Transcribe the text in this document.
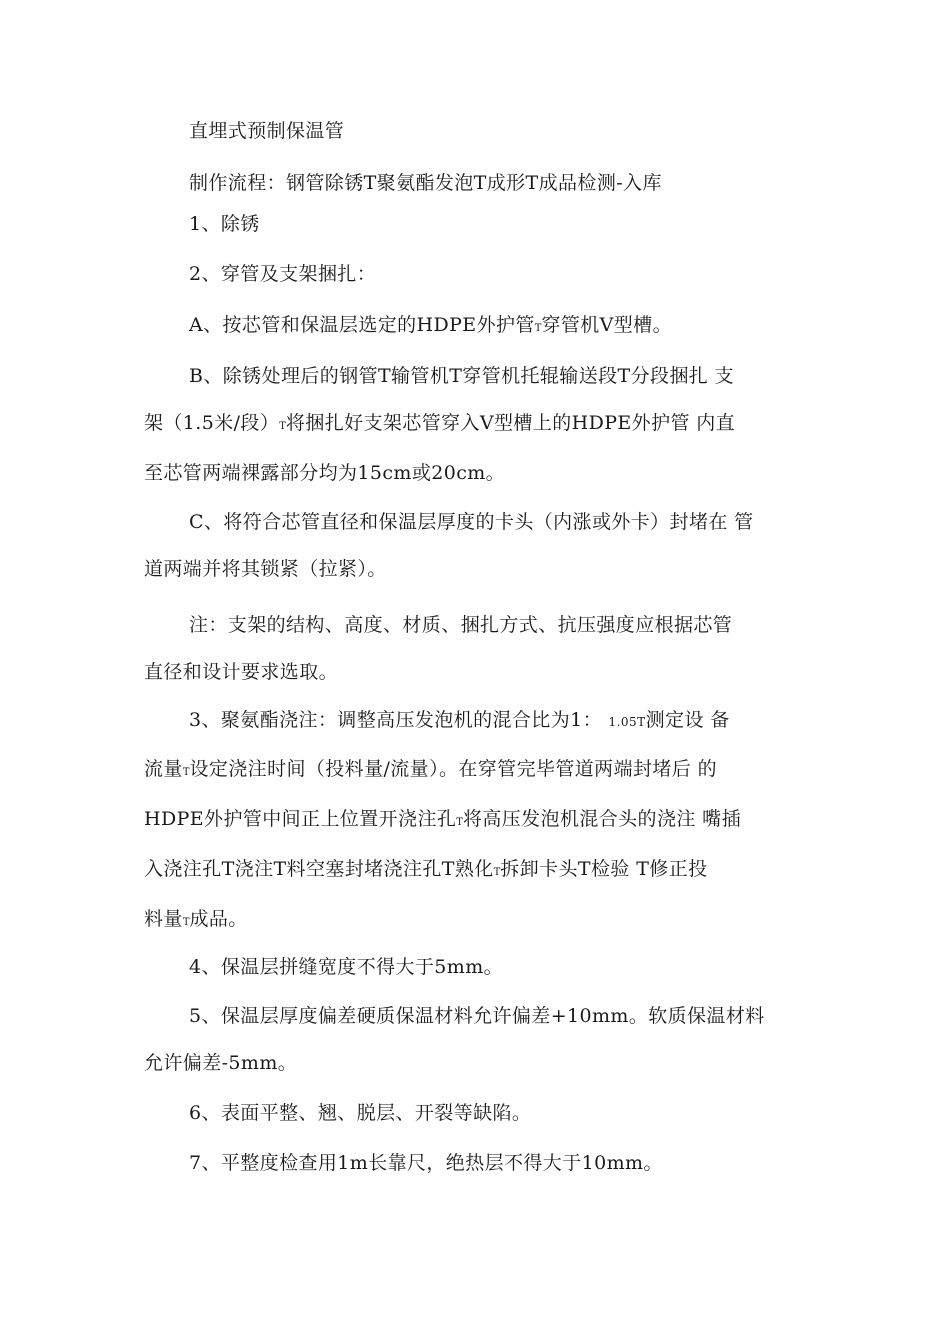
直埋式预制保温管

制作流程：钢管除锈T聚氨酯发泡T成形T成品检测-入库

1、除锈

2、穿管及支架捆扎：

A、按芯管和保温层选定的HDPE外护管T穿管机V型槽。

B、除锈处理后的钢管T输管机T穿管机托辊输送段T分段捆扎 支
架（1.5米/段）T将捆扎好支架芯管穿入V型槽上的HDPE外护管 内直
至芯管两端裸露部分均为15cm或20cm。

C、将符合芯管直径和保温层厚度的卡头（内涨或外卡）封堵在 管
道两端并将其锁紧（拉紧）。

注：支架的结构、高度、材质、捆扎方式、抗压强度应根据芯管
直径和设计要求选取。

3、聚氨酯浇注：调整高压发泡机的混合比为1： 1.05T测定设 备
流量T设定浇注时间（投料量/流量）。在穿管完毕管道两端封堵后 的
HDPE外护管中间正上位置开浇注孔T将高压发泡机混合头的浇注 嘴插
入浇注孔T浇注T料空塞封堵浇注孔T熟化T拆卸卡头T检验 T修正投
料量T成品。

4、保温层拼缝宽度不得大于5mm。

5、保温层厚度偏差硬质保温材料允许偏差+10mm。软质保温材料
允许偏差-5mm。

6、表面平整、翘、脱层、开裂等缺陷。

7、平整度检查用1m长靠尺，绝热层不得大于10mm。
